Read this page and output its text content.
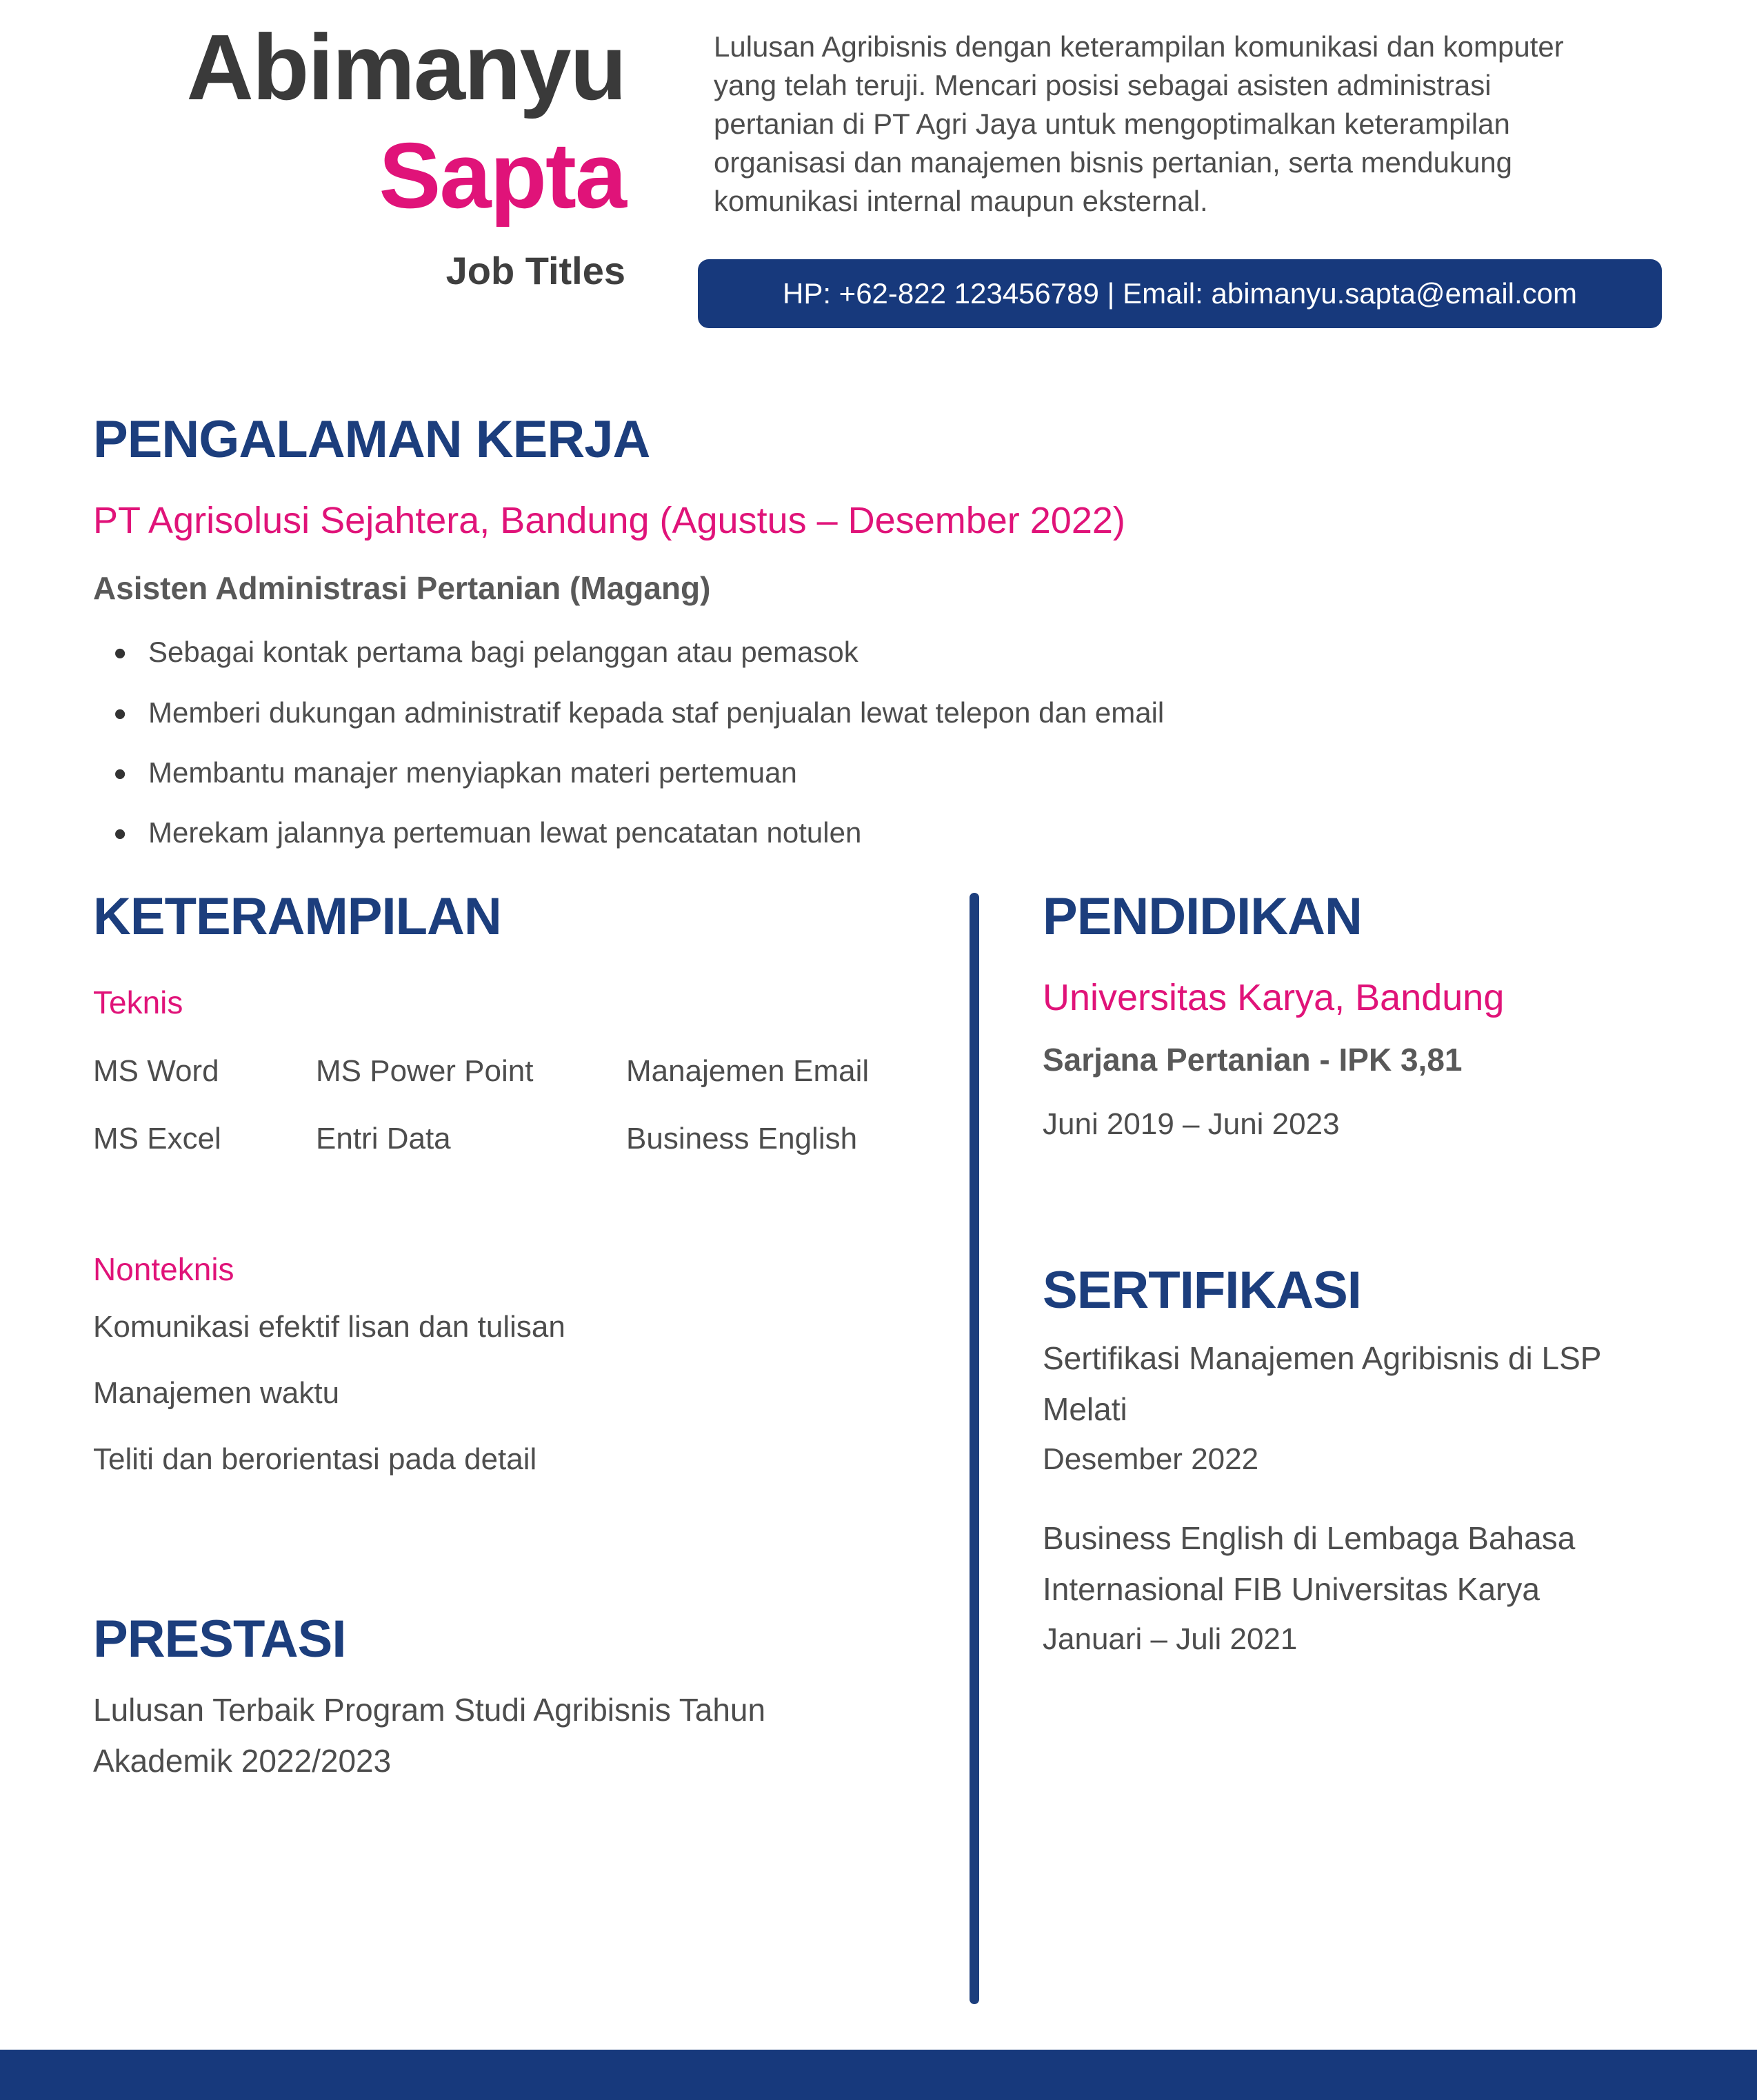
Abimanyu
Sapta
Job Titles
Lulusan Agribisnis dengan keterampilan komunikasi dan komputer
yang telah teruji. Mencari posisi sebagai asisten administrasi
pertanian di PT Agri Jaya untuk mengoptimalkan keterampilan
organisasi dan manajemen bisnis pertanian, serta mendukung
komunikasi internal maupun eksternal.
HP: +62-822 123456789 | Email: abimanyu.sapta@email.com
PENGALAMAN KERJA
PT Agrisolusi Sejahtera, Bandung (Agustus – Desember 2022)
Asisten Administrasi Pertanian (Magang)
• Sebagai kontak pertama bagi pelanggan atau pemasok
• Memberi dukungan administratif kepada staf penjualan lewat telepon dan email
• Membantu manajer menyiapkan materi pertemuan
• Merekam jalannya pertemuan lewat pencatatan notulen
KETERAMPILAN
Teknis
MS Word	MS Power Point	Manajemen Email
MS Excel	Entri Data	Business English
Nonteknis
Komunikasi efektif lisan dan tulisan
Manajemen waktu
Teliti dan berorientasi pada detail
PRESTASI
Lulusan Terbaik Program Studi Agribisnis Tahun
Akademik 2022/2023
PENDIDIKAN
Universitas Karya, Bandung
Sarjana Pertanian - IPK 3,81
Juni 2019 – Juni 2023
SERTIFIKASI
Sertifikasi Manajemen Agribisnis di LSP
Melati
Desember 2022
Business English di Lembaga Bahasa
Internasional FIB Universitas Karya
Januari – Juli 2021
